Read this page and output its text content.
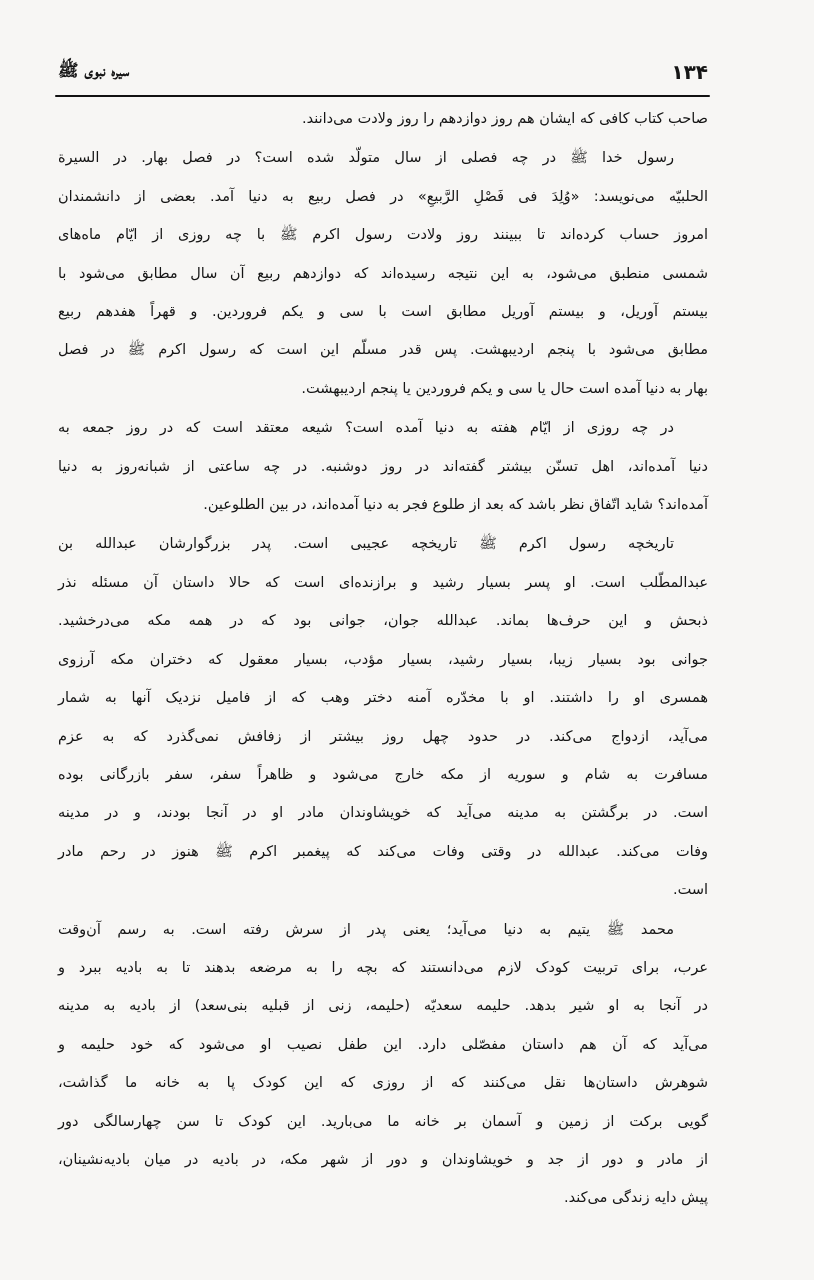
۱۳۴
سیره نبوی ﷺ
صاحب کتاب کافی که ایشان هم روز دوازدهم را روز ولادت می‌دانند.
رسول خدا ﷺ در چه فصلی از سال متولّد شده است؟ در فصل بهار. در السیرة
الحلبیّه می‌نویسد: «وُلِدَ فی فَصْلِ الرَّبیعِ» در فصل ربیع به دنیا آمد. بعضی از دانشمندان
امروز حساب کرده‌اند تا ببینند روز ولادت رسول اکرم ﷺ با چه روزی از ایّام ماه‌های
شمسی منطبق می‌شود، به این نتیجه رسیده‌اند که دوازدهم ربیع آن سال مطابق می‌شود با
بیستم آوریل، و بیستم آوریل مطابق است با سی و یکم فروردین. و قهراً هفدهم ربیع
مطابق می‌شود با پنجم اردیبهشت. پس قدر مسلّم این است که رسول اکرم ﷺ در فصل
بهار به دنیا آمده است حال یا سی و یکم فروردین یا پنجم اردیبهشت.
در چه روزی از ایّام هفته به دنیا آمده است؟ شیعه معتقد است که در روز جمعه به
دنیا آمده‌اند، اهل تسنّن بیشتر گفته‌اند در روز دوشنبه. در چه ساعتی از شبانه‌روز به دنیا
آمده‌اند؟ شاید اتّفاق نظر باشد که بعد از طلوع فجر به دنیا آمده‌اند، در بین الطلوعین.
تاریخچه رسول اکرم ﷺ تاریخچه عجیبی است. پدر بزرگوارشان عبدالله بن
عبدالمطّلب است. او پسر بسیار رشید و برازنده‌ای است که حالا داستان آن مسئله نذر
ذبحش و این حرف‌ها بماند. عبدالله جوان، جوانی بود که در همه مکه می‌درخشید.
جوانی بود بسیار زیبا، بسیار رشید، بسیار مؤدب، بسیار معقول که دختران مکه آرزوی
همسری او را داشتند. او با مخدّره آمنه دختر وهب که از فامیل نزدیک آنها به شمار
می‌آید، ازدواج می‌کند. در حدود چهل روز بیشتر از زفافش نمی‌گذرد که به عزم
مسافرت به شام و سوریه از مکه خارج می‌شود و ظاهراً سفر، سفر بازرگانی بوده
است. در برگشتن به مدینه می‌آید که خویشاوندان مادر او در آنجا بودند، و در مدینه
وفات می‌کند. عبدالله در وقتی وفات می‌کند که پیغمبر اکرم ﷺ هنوز در رحم مادر
است.
محمد ﷺ یتیم به دنیا می‌آید؛ یعنی پدر از سرش رفته است. به رسم آن‌وقت
عرب، برای تربیت کودک لازم می‌دانستند که بچه را به مرضعه بدهند تا به بادیه ببرد و
در آنجا به او شیر بدهد. حلیمه سعدیّه (حلیمه، زنی از قبلیه بنی‌سعد) از بادیه به مدینه
می‌آید که آن هم داستان مفصّلی دارد. این طفل نصیب او می‌شود که خود حلیمه و
شوهرش داستان‌ها نقل می‌کنند که از روزی که این کودک پا به خانه ما گذاشت،
گویی برکت از زمین و آسمان بر خانه ما می‌بارید. این کودک تا سن چهارسالگی دور
از مادر و دور از جد و خویشاوندان و دور از شهر مکه، در بادیه در میان بادیه‌نشینان،
پیش دایه زندگی می‌کند.
